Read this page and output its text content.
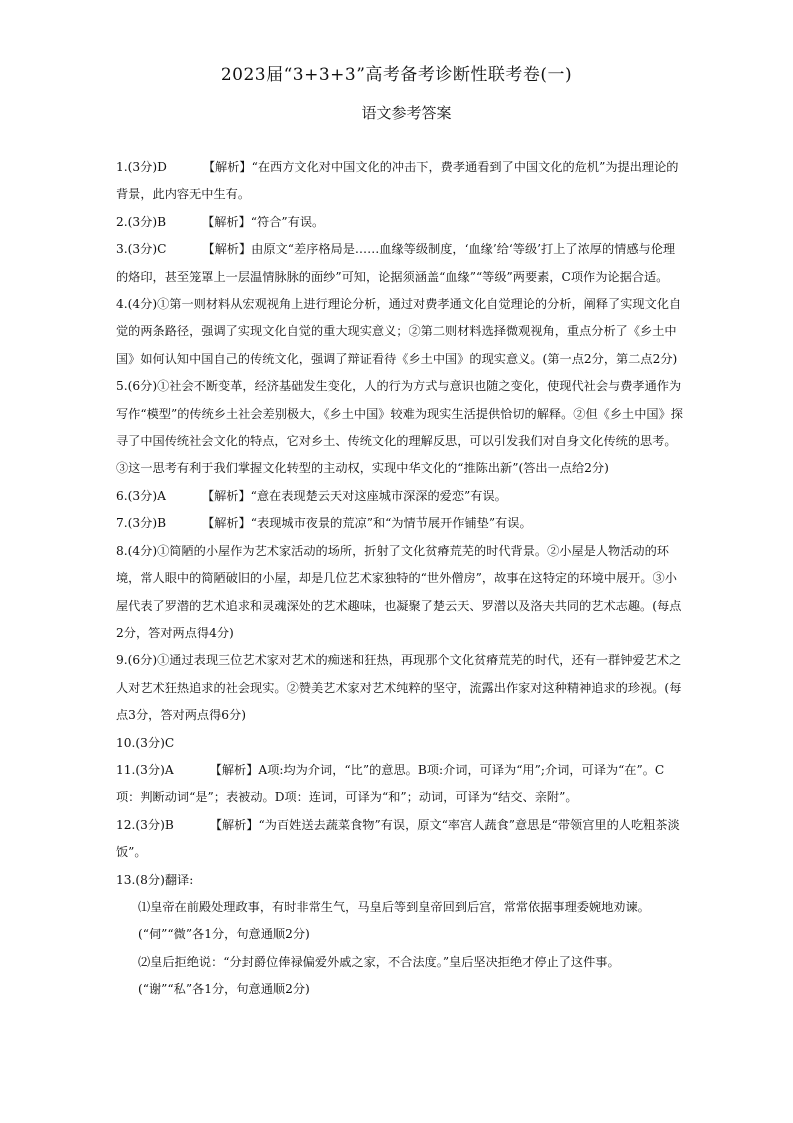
2023届“3+3+3”高考备考诊断性联考卷(一)
语文参考答案

1.(3分)D	【解析】“在西方文化对中国文化的冲击下，费孝通看到了中国文化的危机”为提出理论的背景，此内容无中生有。

2.(3分)B	【解析】“符合”有误。

3.(3分)C	【解析】由原文“差序格局是……血缘等级制度，‘血缘’给‘等级’打上了浓厚的情感与伦理的烙印，甚至笼罩上一层温情脉脉的面纱”可知，论据须涵盖“血缘”“等级”两要素，C项作为论据合适。

4.(4分)①第一则材料从宏观视角上进行理论分析，通过对费孝通文化自觉理论的分析，阐释了实现文化自觉的两条路径，强调了实现文化自觉的重大现实意义；②第二则材料选择微观视角，重点分析了《乡土中国》如何认知中国自己的传统文化，强调了辩证看待《乡土中国》的现实意义。(第一点2分，第二点2分)

5.(6分)①社会不断变革，经济基础发生变化，人的行为方式与意识也随之变化，使现代社会与费孝通作为写作“模型”的传统乡土社会差别极大，《乡土中国》较难为现实生活提供恰切的解释。②但《乡土中国》探寻了中国传统社会文化的特点，它对乡土、传统文化的理解反思，可以引发我们对自身文化传统的思考。③这一思考有利于我们掌握文化转型的主动权，实现中华文化的“推陈出新”(答出一点给2分)

6.(3分)A	【解析】“意在表现楚云天对这座城市深深的爱恋”有误。

7.(3分)B	【解析】“表现城市夜景的荒凉”和“为情节展开作铺垫”有误。

8.(4分)①简陋的小屋作为艺术家活动的场所，折射了文化贫瘠荒芜的时代背景。②小屋是人物活动的环境，常人眼中的简陋破旧的小屋，却是几位艺术家独特的“世外僧房”，故事在这特定的环境中展开。③小屋代表了罗潜的艺术追求和灵魂深处的艺术趣味，也凝聚了楚云天、罗潜以及洛夫共同的艺术志趣。(每点2分，答对两点得4分)

9.(6分)①通过表现三位艺术家对艺术的痴迷和狂热，再现那个文化贫瘠荒芜的时代，还有一群钟爱艺术之人对艺术狂热追求的社会现实。②赞美艺术家对艺术纯粹的坚守，流露出作家对这种精神追求的珍视。(每点3分，答对两点得6分)

10.(3分)C

11.(3分)A	【解析】A项:均为介词，“比”的意思。B项:介词，可译为“用”;介词，可译为“在”。C项：判断动词“是”；表被动。D项：连词，可译为“和”；动词，可译为“结交、亲附”。

12.(3分)B	【解析】“为百姓送去蔬菜食物”有误，原文“率宫人蔬食”意思是“带领宫里的人吃粗茶淡饭”。

13.(8分)翻译:

⑴皇帝在前殿处理政事，有时非常生气，马皇后等到皇帝回到后宫，常常依据事理委婉地劝谏。

(“伺”“微”各1分，句意通顺2分)

⑵皇后拒绝说：“分封爵位俸禄偏爱外戚之家，不合法度。”皇后坚决拒绝才停止了这件事。

(“谢”“私”各1分，句意通顺2分)
